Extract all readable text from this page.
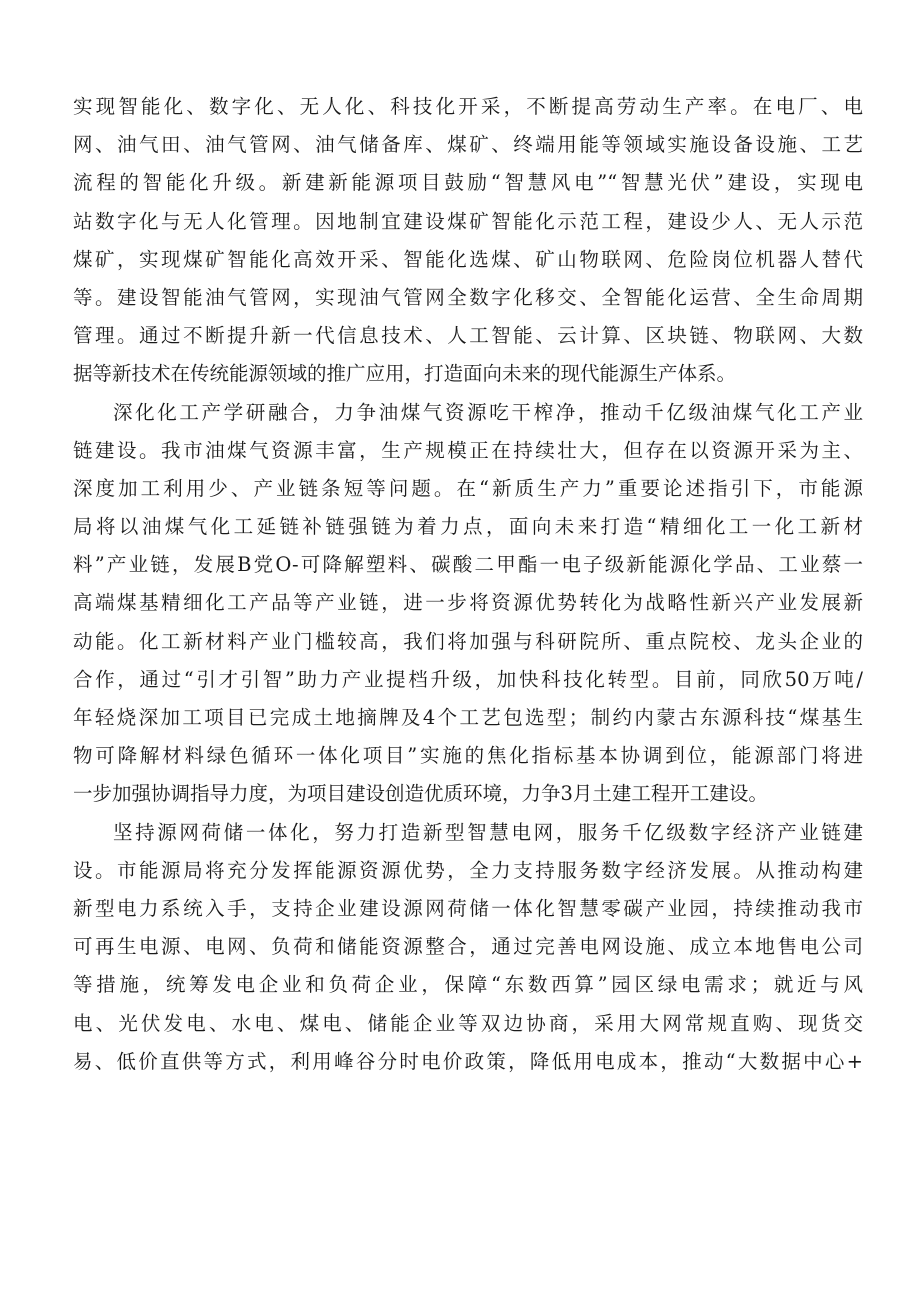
实现智能化、数字化、无人化、科技化开采，不断提高劳动生产率。在电厂、电
网、油气田、油气管网、油气储备库、煤矿、终端用能等领域实施设备设施、工艺
流程的智能化升级。新建新能源项目鼓励“智慧风电”“智慧光伏”建设，实现电
站数字化与无人化管理。因地制宜建设煤矿智能化示范工程，建设少人、无人示范
煤矿，实现煤矿智能化高效开采、智能化选煤、矿山物联网、危险岗位机器人替代
等。建设智能油气管网，实现油气管网全数字化移交、全智能化运营、全生命周期
管理。通过不断提升新一代信息技术、人工智能、云计算、区块链、物联网、大数
据等新技术在传统能源领域的推广应用，打造面向未来的现代能源生产体系。
深化化工产学研融合，力争油煤气资源吃干榨净，推动千亿级油煤气化工产业
链建设。我市油煤气资源丰富，生产规模正在持续壮大，但存在以资源开采为主、
深度加工利用少、产业链条短等问题。在“新质生产力”重要论述指引下，市能源
局将以油煤气化工延链补链强链为着力点，面向未来打造“精细化工一化工新材
料”产业链，发展B党O-可降解塑料、碳酸二甲酯一电子级新能源化学品、工业蔡一
高端煤基精细化工产品等产业链，进一步将资源优势转化为战略性新兴产业发展新
动能。化工新材料产业门槛较高，我们将加强与科研院所、重点院校、龙头企业的
合作，通过“引才引智”助力产业提档升级，加快科技化转型。目前，同欣50万吨/
年轻烧深加工项目已完成土地摘牌及4个工艺包选型；制约内蒙古东源科技“煤基生
物可降解材料绿色循环一体化项目”实施的焦化指标基本协调到位，能源部门将进
一步加强协调指导力度，为项目建设创造优质环境，力争3月土建工程开工建设。
坚持源网荷储一体化，努力打造新型智慧电网，服务千亿级数字经济产业链建
设。市能源局将充分发挥能源资源优势，全力支持服务数字经济发展。从推动构建
新型电力系统入手，支持企业建设源网荷储一体化智慧零碳产业园，持续推动我市
可再生电源、电网、负荷和储能资源整合，通过完善电网设施、成立本地售电公司
等措施，统筹发电企业和负荷企业，保障“东数西算”园区绿电需求；就近与风
电、光伏发电、水电、煤电、储能企业等双边协商，采用大网常规直购、现货交
易、低价直供等方式，利用峰谷分时电价政策，降低用电成本，推动“大数据中心+
